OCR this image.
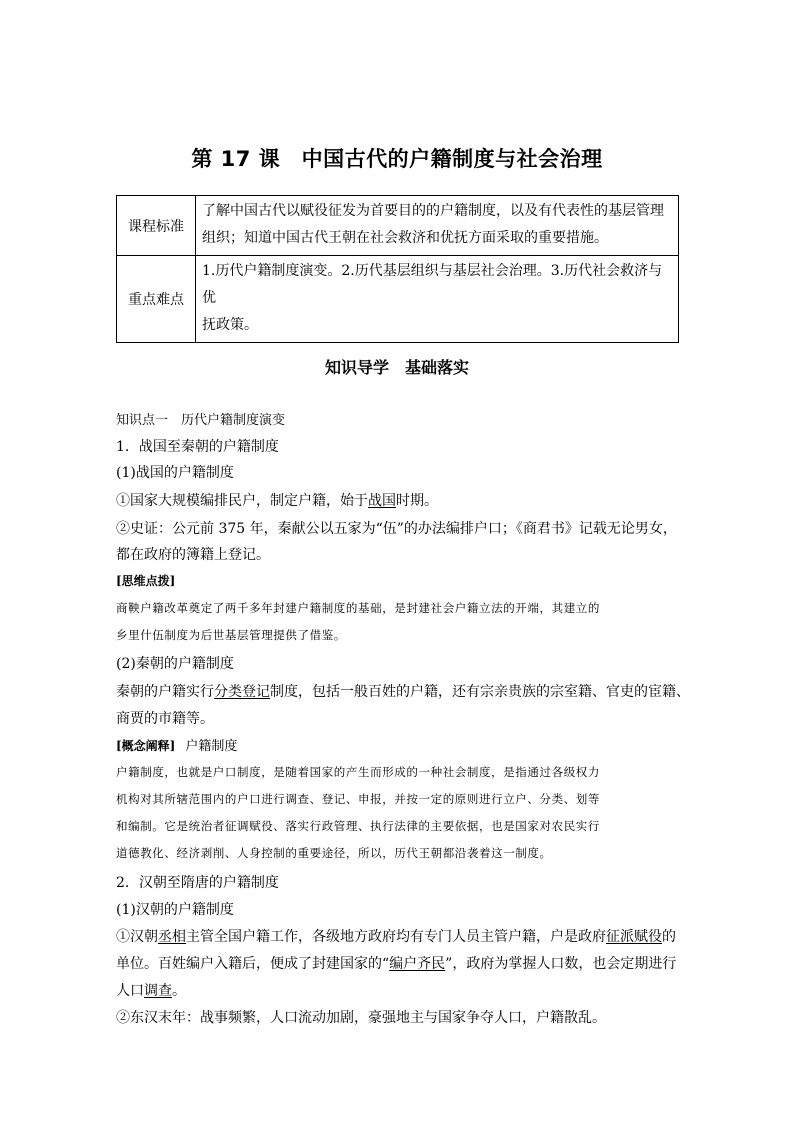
第 17 课　中国古代的户籍制度与社会治理
课程标准	了解中国古代以赋役征发为首要目的的户籍制度，以及有代表性的基层管理
组织；知道中国古代王朝在社会救济和优抚方面采取的重要措施。

重点难点	1.历代户籍制度演变。2.历代基层组织与基层社会治理。3.历代社会救济与优
抚政策。
知识导学　基础落实
知识点一　历代户籍制度演变
1．战国至秦朝的户籍制度
(1)战国的户籍制度
①国家大规模编排民户，制定户籍，始于战国时期。
②史证：公元前 375 年，秦献公以五家为“伍”的办法编排户口；《商君书》记载无论男女，
都在政府的簿籍上登记。
[思维点拨]
商鞅户籍改革奠定了两千多年封建户籍制度的基础，是封建社会户籍立法的开端，其建立的
乡里什伍制度为后世基层管理提供了借鉴。
(2)秦朝的户籍制度
秦朝的户籍实行分类登记制度，包括一般百姓的户籍，还有宗亲贵族的宗室籍、官吏的宦籍、
商贾的市籍等。
[概念阐释] 户籍制度
户籍制度，也就是户口制度，是随着国家的产生而形成的一种社会制度，是指通过各级权力
机构对其所辖范围内的户口进行调查、登记、申报，并按一定的原则进行立户、分类、划等
和编制。它是统治者征调赋役、落实行政管理、执行法律的主要依据，也是国家对农民实行
道德教化、经济剥削、人身控制的重要途径，所以，历代王朝都沿袭着这一制度。
2．汉朝至隋唐的户籍制度
(1)汉朝的户籍制度
①汉朝丞相主管全国户籍工作，各级地方政府均有专门人员主管户籍，户是政府征派赋役的
单位。百姓编户入籍后，便成了封建国家的“编户齐民”，政府为掌握人口数，也会定期进行
人口调查。
②东汉末年：战事频繁，人口流动加剧，豪强地主与国家争夺人口，户籍散乱。
